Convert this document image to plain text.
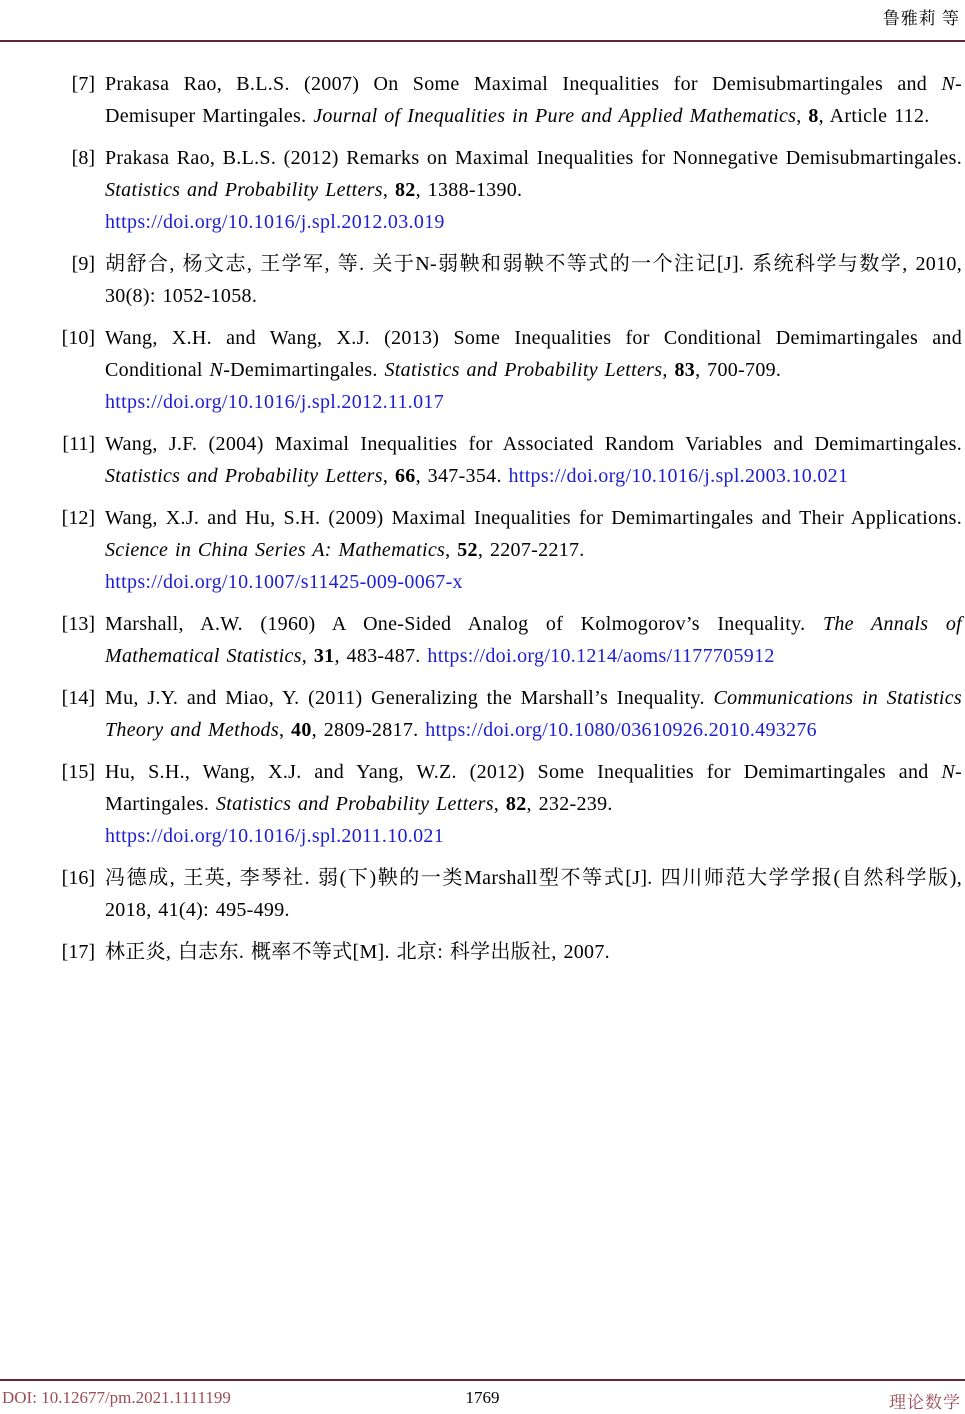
鲁雅莉 等
[7] Prakasa Rao, B.L.S. (2007) On Some Maximal Inequalities for Demisubmartingales and N-Demisuper Martingales. Journal of Inequalities in Pure and Applied Mathematics, 8, Article 112.
[8] Prakasa Rao, B.L.S. (2012) Remarks on Maximal Inequalities for Nonnegative Demisubmartingales. Statistics and Probability Letters, 82, 1388-1390.
https://doi.org/10.1016/j.spl.2012.03.019
[9] 胡舒合, 杨文志, 王学军, 等. 关于N-弱鞅和弱鞅不等式的一个注记[J]. 系统科学与数学, 2010, 30(8): 1052-1058.
[10] Wang, X.H. and Wang, X.J. (2013) Some Inequalities for Conditional Demimartingales and Conditional N-Demimartingales. Statistics and Probability Letters, 83, 700-709.
https://doi.org/10.1016/j.spl.2012.11.017
[11] Wang, J.F. (2004) Maximal Inequalities for Associated Random Variables and Demimartingales. Statistics and Probability Letters, 66, 347-354. https://doi.org/10.1016/j.spl.2003.10.021
[12] Wang, X.J. and Hu, S.H. (2009) Maximal Inequalities for Demimartingales and Their Applications. Science in China Series A: Mathematics, 52, 2207-2217.
https://doi.org/10.1007/s11425-009-0067-x
[13] Marshall, A.W. (1960) A One-Sided Analog of Kolmogorov’s Inequality. The Annals of Mathematical Statistics, 31, 483-487. https://doi.org/10.1214/aoms/1177705912
[14] Mu, J.Y. and Miao, Y. (2011) Generalizing the Marshall’s Inequality. Communications in Statistics Theory and Methods, 40, 2809-2817. https://doi.org/10.1080/03610926.2010.493276
[15] Hu, S.H., Wang, X.J. and Yang, W.Z. (2012) Some Inequalities for Demimartingales and N-Martingales. Statistics and Probability Letters, 82, 232-239.
https://doi.org/10.1016/j.spl.2011.10.021
[16] 冯德成, 王英, 李琴社. 弱(下)鞅的一类Marshall型不等式[J]. 四川师范大学学报(自然科学版), 2018, 41(4): 495-499.
[17] 林正炎, 白志东. 概率不等式[M]. 北京: 科学出版社, 2007.
DOI: 10.12677/pm.2021.1111199	1769	理论数学
